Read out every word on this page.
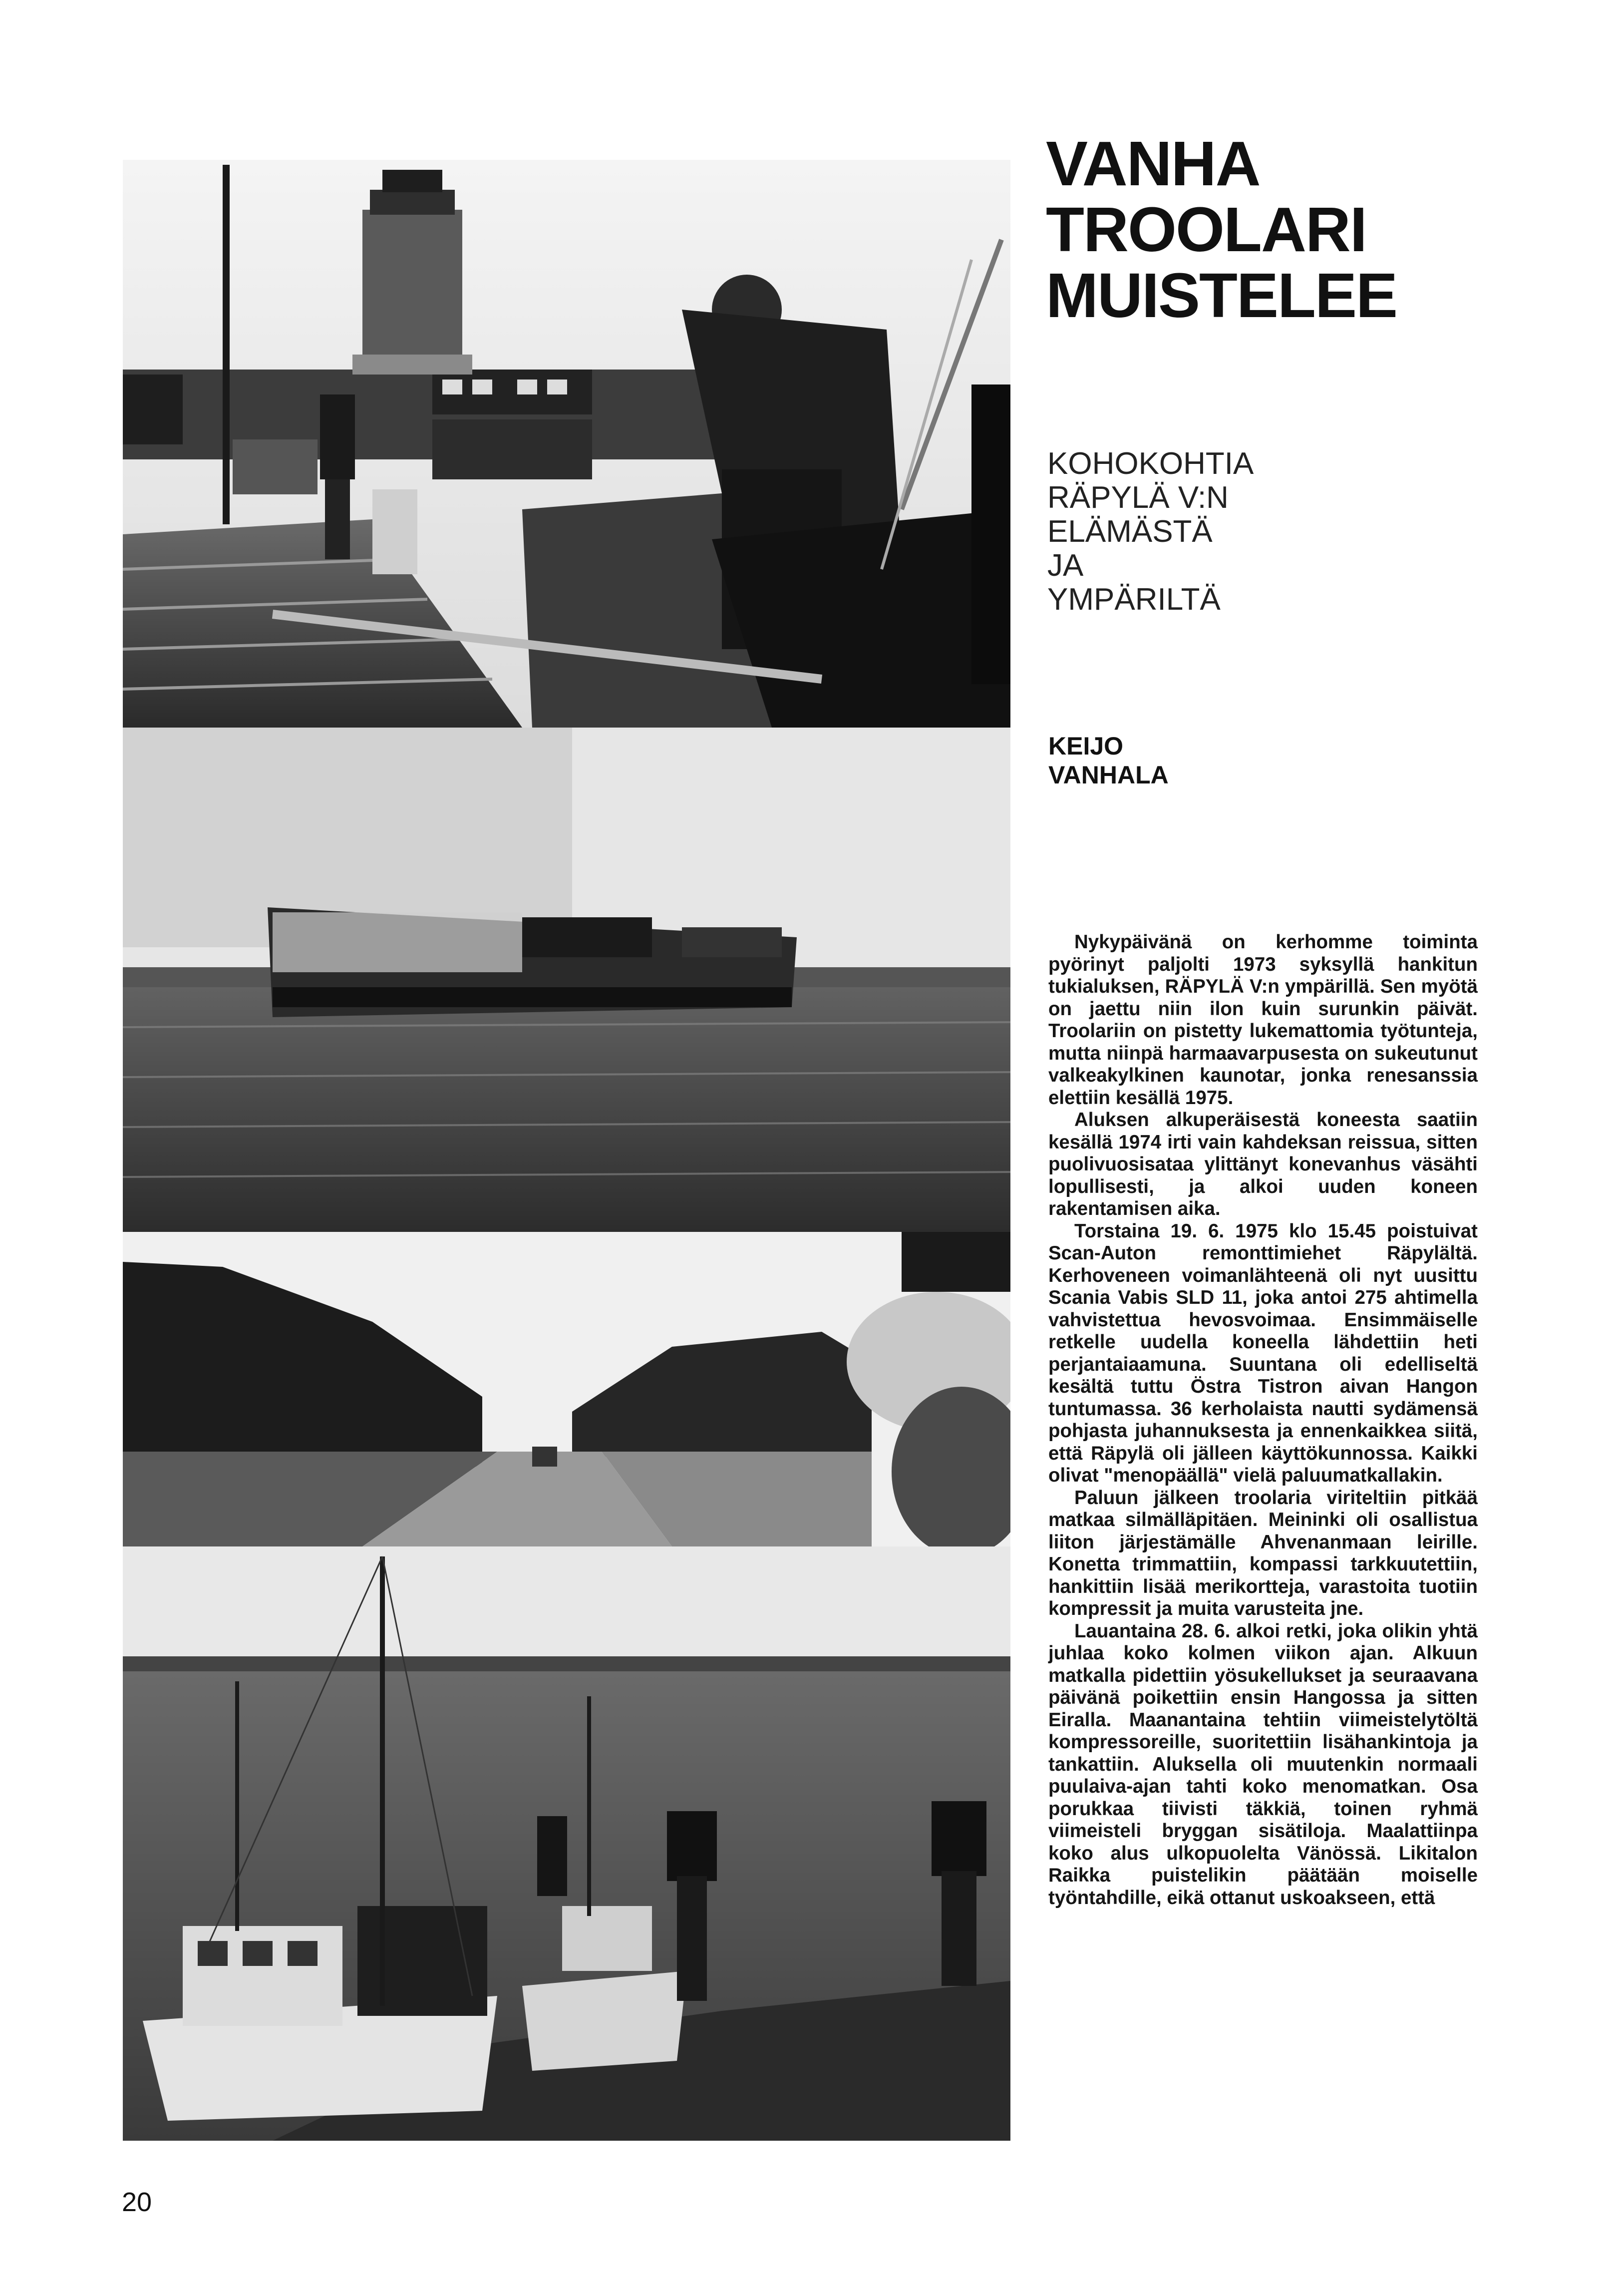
VANHA
TROOLARI
MUISTELEE
KOHOKOHTIA
RÄPYLÄ V:N
ELÄMÄSTÄ
JA
YMPÄRILTÄ
KEIJO
VANHALA

Nykypäivänä on kerhomme toiminta pyörinyt paljolti 1973 syksyllä hankitun tukialuksen, RÄPYLÄ V:n ympärillä. Sen myötä on jaettu niin ilon kuin surunkin päivät. Troolariin on pistetty lukemattomia työtunteja, mutta niinpä harmaavarpusesta on sukeutunut valkeakylkinen kaunotar, jonka renesanssia elettiin kesällä 1975.

Aluksen alkuperäisestä koneesta saatiin kesällä 1974 irti vain kahdeksan reissua, sitten puolivuosisataa ylittänyt konevanhus väsähti lopullisesti, ja alkoi uuden koneen rakentamisen aika.

Torstaina 19. 6. 1975 klo 15.45 poistuivat Scan-Auton remonttimiehet Räpylältä. Kerhoveneen voimanlähteenä oli nyt uusittu Scania Vabis SLD 11, joka antoi 275 ahtimella vahvistettua hevosvoimaa. Ensimmäiselle retkelle uudella koneella lähdettiin heti perjantaiaamuna. Suuntana oli edelliseltä kesältä tuttu Östra Tistron aivan Hangon tuntumassa. 36 kerholaista nautti sydämensä pohjasta juhannuksesta ja ennenkaikkea siitä, että Räpylä oli jälleen käyttökunnossa. Kaikki olivat "menopäällä" vielä paluumatkallakin.

Paluun jälkeen troolaria viriteltiin pitkää matkaa silmälläpitäen. Meininki oli osallistua liiton järjestämälle Ahvenanmaan leirille. Konetta trimmattiin, kompassi tarkkuutettiin, hankittiin lisää merikortteja, varastoita tuotiin kompressit ja muita varusteita jne.

Lauantaina 28. 6. alkoi retki, joka olikin yhtä juhlaa koko kolmen viikon ajan. Alkuun matkalla pidettiin yösukellukset ja seuraavana päivänä poikettiin ensin Hangossa ja sitten Eiralla. Maanantaina tehtiin viimeistelytöltä kompressoreille, suoritettiin lisähankintoja ja tankattiin. Aluksella oli muutenkin normaali puulaiva-ajan tahti koko menomatkan. Osa porukkaa tiivisti täkkiä, toinen ryhmä viimeisteli bryggan sisätiloja. Maalattiinpa koko alus ulkopuolelta Vänössä. Likitalon Raikka puistelikin päätään moiselle työntahdille, eikä ottanut uskoakseen, että

20
